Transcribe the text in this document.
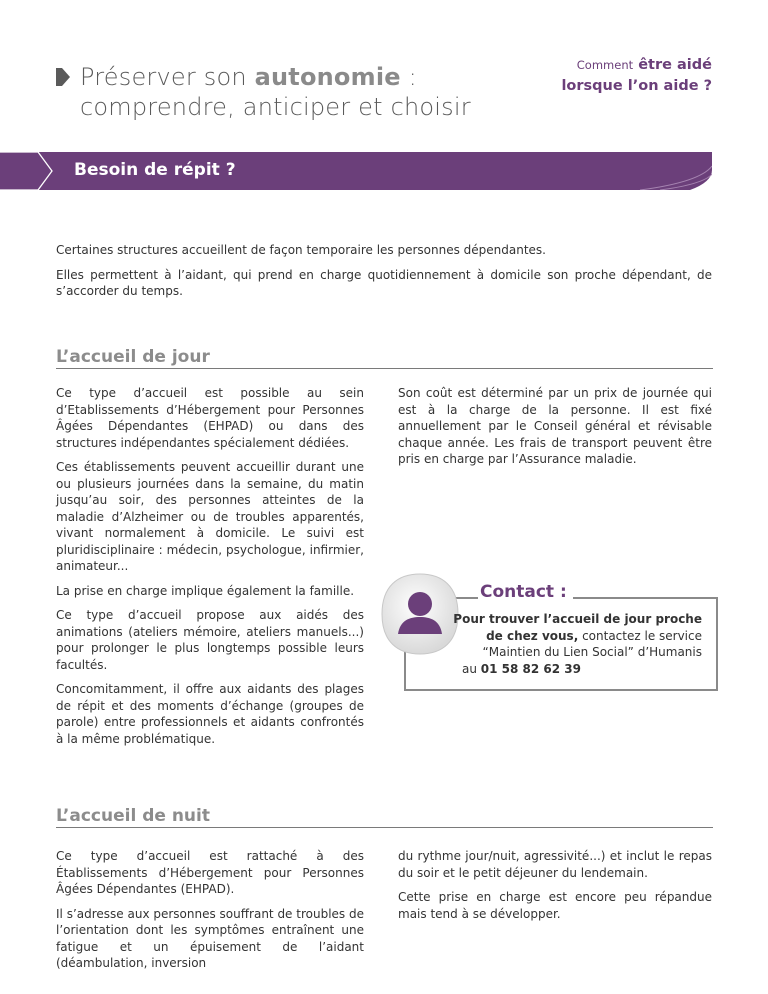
Préserver son autonomie :
comprendre, anticiper et choisir
Comment être aidé
lorsque l’on aide ?
Besoin de répit ?

Certaines structures accueillent de façon temporaire les personnes dépendantes.

Elles permettent à l’aidant, qui prend en charge quotidiennement à domicile son proche dépendant, de s’accorder du temps.

L’accueil de jour

Ce type d’accueil est possible au sein d’Etablissements d’Hébergement pour Personnes Âgées Dépendantes (EHPAD) ou dans des structures indépendantes spécialement dédiées.

Ces établissements peuvent accueillir durant une ou plusieurs journées dans la semaine, du matin jusqu’au soir, des personnes atteintes de la maladie d’Alzheimer ou de troubles apparentés, vivant normalement à domicile. Le suivi est pluridisciplinaire : médecin, psychologue, infirmier, animateur...

La prise en charge implique également la famille.

Ce type d’accueil propose aux aidés des animations (ateliers mémoire, ateliers manuels...) pour prolonger le plus longtemps possible leurs facultés.

Concomitamment, il offre aux aidants des plages de répit et des moments d’échange (groupes de parole) entre professionnels et aidants confrontés à la même problématique.

Son coût est déterminé par un prix de journée qui est à la charge de la personne. Il est fixé annuellement par le Conseil général et révisable chaque année. Les frais de transport peuvent être pris en charge par l’Assurance maladie.

Contact :
Pour trouver l’accueil de jour proche
de chez vous, contactez le service
“Maintien du Lien Social” d’Humanis
au 01 58 82 62 39
L’accueil de nuit

Ce type d’accueil est rattaché à des Établissements d’Hébergement pour Personnes Âgées Dépendantes (EHPAD).

Il s’adresse aux personnes souffrant de troubles de l’orientation dont les symptômes entraînent une fatigue et un épuisement de l’aidant (déambulation, inversion

du rythme jour/nuit, agressivité...) et inclut le repas du soir et le petit déjeuner du lendemain.

Cette prise en charge est encore peu répandue mais tend à se développer.
